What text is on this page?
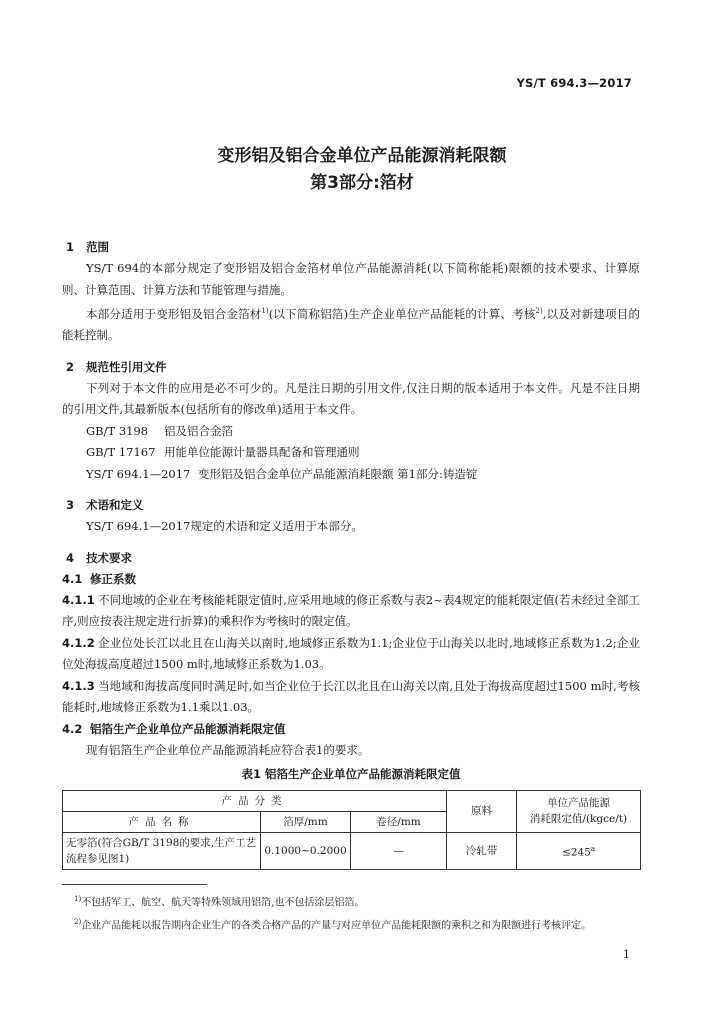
YS/T 694.3—2017
变形铝及铝合金单位产品能源消耗限额
第3部分:箔材
1 范围

YS/T 694的本部分规定了变形铝及铝合金箔材单位产品能源消耗(以下简称能耗)限额的技术要求、计算原则、计算范围、计算方法和节能管理与措施。

本部分适用于变形铝及铝合金箔材$^{1)}$(以下简称铝箔)生产企业单位产品能耗的计算、考核$^{2)}$,以及对新建项目的能耗控制。

2 规范性引用文件

下列对于本文件的应用是必不可少的。凡是注日期的引用文件,仅注日期的版本适用于本文件。凡是不注日期的引用文件,其最新版本(包括所有的修改单)适用于本文件。

GB/T 3198 铝及铝合金箔

GB/T 17167 用能单位能源计量器具配备和管理通则

YS/T 694.1—2017 变形铝及铝合金单位产品能源消耗限额 第1部分:铸造锭

3 术语和定义

YS/T 694.1—2017规定的术语和定义适用于本部分。

4 技术要求
4.1 修正系数

4.1.1 不同地域的企业在考核能耗限定值时,应采用地域的修正系数与表2~表4规定的能耗限定值(若未经过全部工序,则应按表注规定进行折算)的乘积作为考核时的限定值。

4.1.2 企业位处长江以北且在山海关以南时,地域修正系数为1.1;企业位于山海关以北时,地域修正系数为1.2;企业位处海拔高度超过1500 m时,地域修正系数为1.03。

4.1.3 当地域和海拔高度同时满足时,如当企业位于长江以北且在山海关以南,且处于海拔高度超过1500 m时,考核能耗时,地域修正系数为1.1乘以1.03。

4.2 铝箔生产企业单位产品能源消耗限定值

现有铝箔生产企业单位产品能源消耗应符合表1的要求。

表1 铝箔生产企业单位产品能源消耗限定值
产品分类			原料	单位产品能源
消耗限定值/(kgce/t)

产品名称	箔厚/mm	卷径/mm		
无零箔(符合GB/T 3198的要求,生产工艺流程参见图1)	0.1000~0.2000	—	冷轧带	$\le 245^a$

$^{1)}$不包括军工、航空、航天等特殊领域用铝箔,也不包括涂层铝箔。

$^{2)}$企业产品能耗以报告期内企业生产的各类合格产品的产量与对应单位产品能耗限额的乘积之和为限额进行考核评定。

1
